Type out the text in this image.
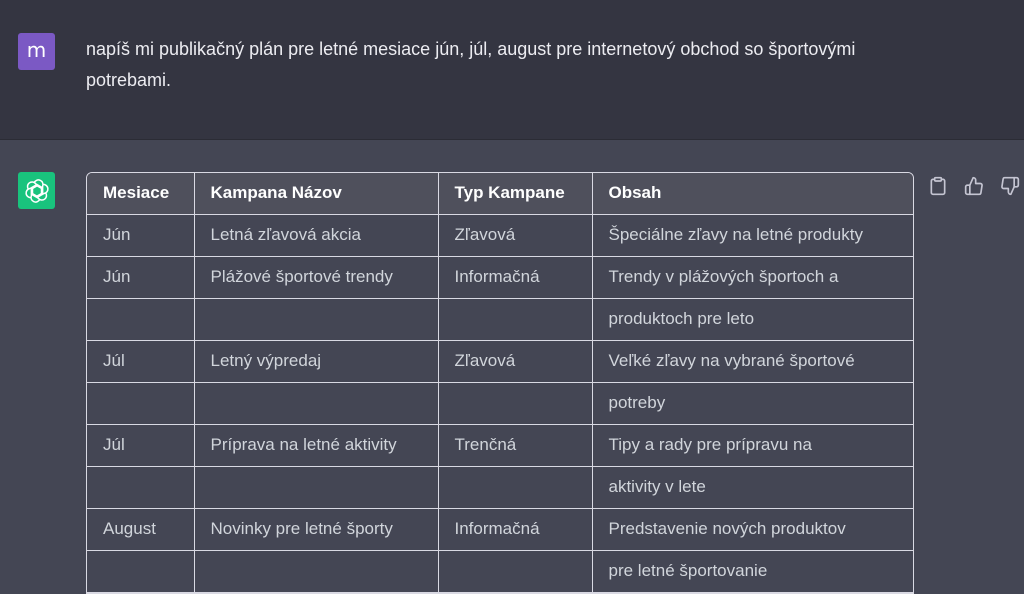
m	napíš mi publikačný plán pre letné mesiace jún, júl, august pre internetový obchod so športovými potrebami.
Mesiace	Kampana Názov	Typ Kampane	Obsah
Jún	Letná zľavová akcia	Zľavová	Špeciálne zľavy na letné produkty
Jún	Plážové športové trendy	Informačná	Trendy v plážových športoch a
			produktoch pre leto
Júl	Letný výpredaj	Zľavová	Veľké zľavy na vybrané športové
			potreby
Júl	Príprava na letné aktivity	Trenčná	Tipy a rady pre prípravu na
			aktivity v lete
August	Novinky pre letné športy	Informačná	Predstavenie nových produktov
			pre letné športovanie
